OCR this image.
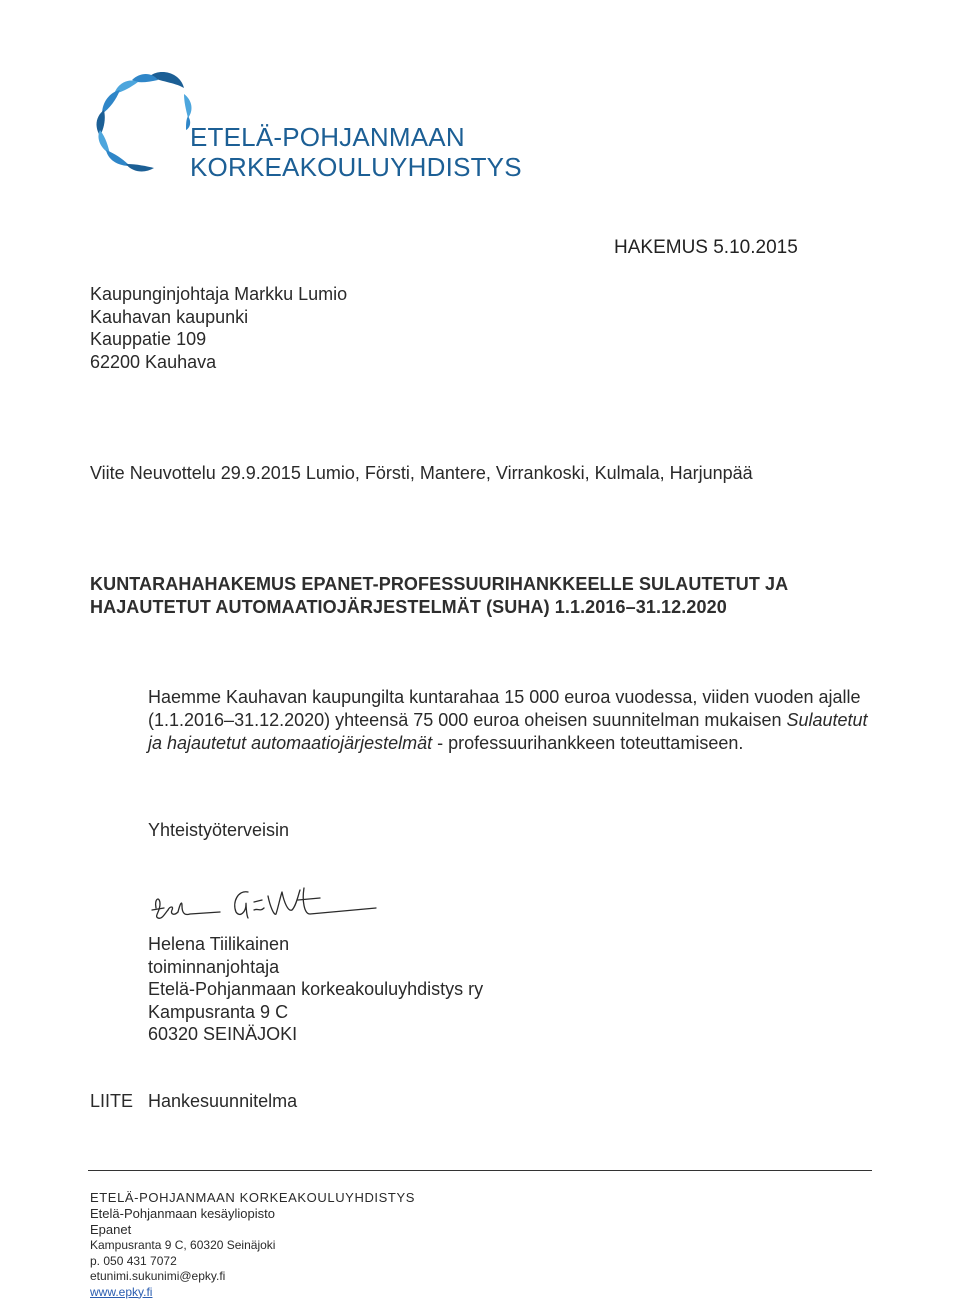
ETELÄ-POHJANMAAN
KORKEAKOULUYHDISTYS
HAKEMUS 5.10.2015
Kaupunginjohtaja Markku Lumio
Kauhavan kaupunki
Kauppatie 109
62200 Kauhava
Viite Neuvottelu 29.9.2015 Lumio, Försti, Mantere, Virrankoski, Kulmala, Harjunpää
KUNTARAHAHAKEMUS EPANET-PROFESSUURIHANKKEELLE SULAUTETUT JA
HAJAUTETUT AUTOMAATIOJÄRJESTELMÄT (SUHA) 1.1.2016–31.12.2020
Haemme Kauhavan kaupungilta kuntarahaa 15 000 euroa vuodessa, viiden vuoden ajalle (1.1.2016–31.12.2020) yhteensä 75 000 euroa oheisen suunnitelman mukaisen Sulautetut ja hajautetut automaatiojärjestelmät - professuurihankkeen toteuttamiseen.
Yhteistyöterveisin
Helena Tiilikainen
toiminnanjohtaja
Etelä-Pohjanmaan korkeakouluyhdistys ry
Kampusranta 9 C
60320 SEINÄJOKI
LIITE Hankesuunnitelma
ETELÄ-POHJANMAAN KORKEAKOULUYHDISTYS
Etelä-Pohjanmaan kesäyliopisto
Epanet
Kampusranta 9 C, 60320 Seinäjoki
p. 050 431 7072
etunimi.sukunimi@epky.fi
www.epky.fi
